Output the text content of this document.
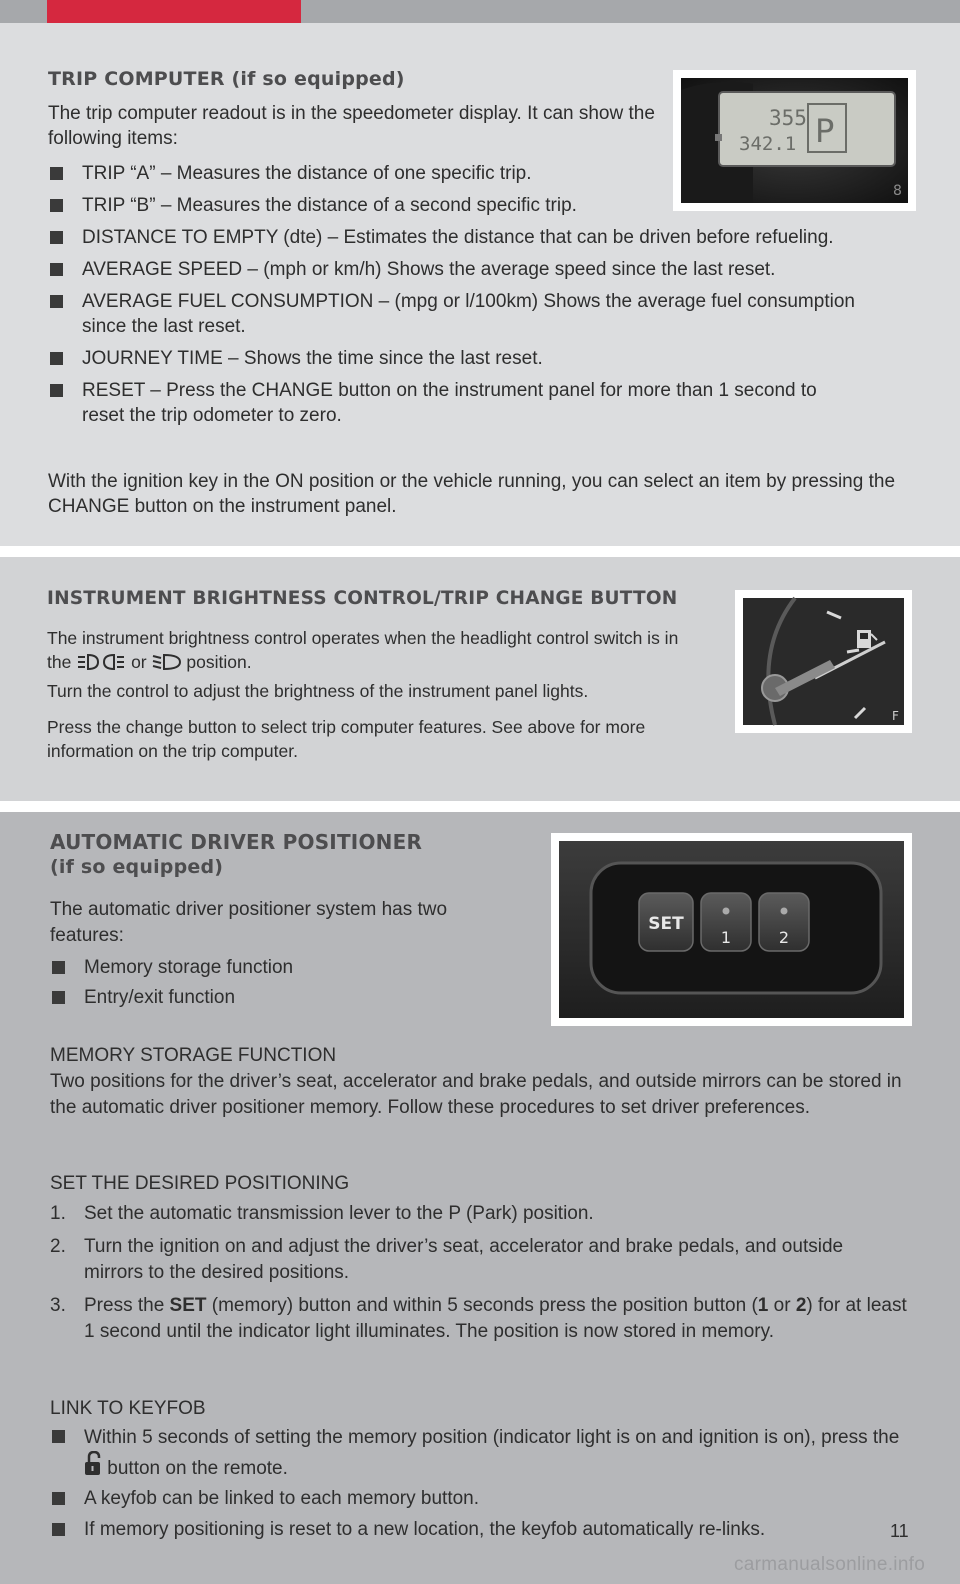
TRIP COMPUTER (if so equipped)

The trip computer readout is in the speedometer display. It can show the following items:

TRIP “A” – Measures the distance of one specific trip.
TRIP “B” – Measures the distance of a second specific trip.
DISTANCE TO EMPTY (dte) – Estimates the distance that can be driven before refueling.
AVERAGE SPEED – (mph or km/h) Shows the average speed since the last reset.
AVERAGE FUEL CONSUMPTION – (mpg or l/100km) Shows the average fuel consumption since the last reset.
JOURNEY TIME – Shows the time since the last reset.
RESET – Press the CHANGE button on the instrument panel for more than 1 second to reset the trip odometer to zero.

With the ignition key in the ON position or the vehicle running, you can select an item by pressing the CHANGE button on the instrument panel.

355
342.1 P
8
INSTRUMENT BRIGHTNESS CONTROL/TRIP CHANGE BUTTON

The instrument brightness control operates when the headlight control switch is in the	or position.

Turn the control to adjust the brightness of the instrument panel lights.

Press the change button to select trip computer features. See above for more information on the trip computer.

F
AUTOMATIC DRIVER POSITIONER
(if so equipped)

The automatic driver positioner system has two features:

Memory storage function
Entry/exit function

MEMORY STORAGE FUNCTION

Two positions for the driver’s seat, accelerator and brake pedals, and outside mirrors can be stored in the automatic driver positioner memory. Follow these procedures to set driver preferences.

SET THE DESIRED POSITIONING

1. Set the automatic transmission lever to the P (Park) position.
2. Turn the ignition on and adjust the driver’s seat, accelerator and brake pedals, and outside mirrors to the desired positions.
3. Press the SET (memory) button and within 5 seconds press the position button (1 or 2) for at least 1 second until the indicator light illuminates. The position is now stored in memory.

LINK TO KEYFOB

Within 5 seconds of setting the memory position (indicator light is on and ignition is on), press the  button on the remote.
A keyfob can be linked to each memory button.
If memory positioning is reset to a new location, the keyfob automatically re-links.
SET
1	2
11
carmanualsonline.info
